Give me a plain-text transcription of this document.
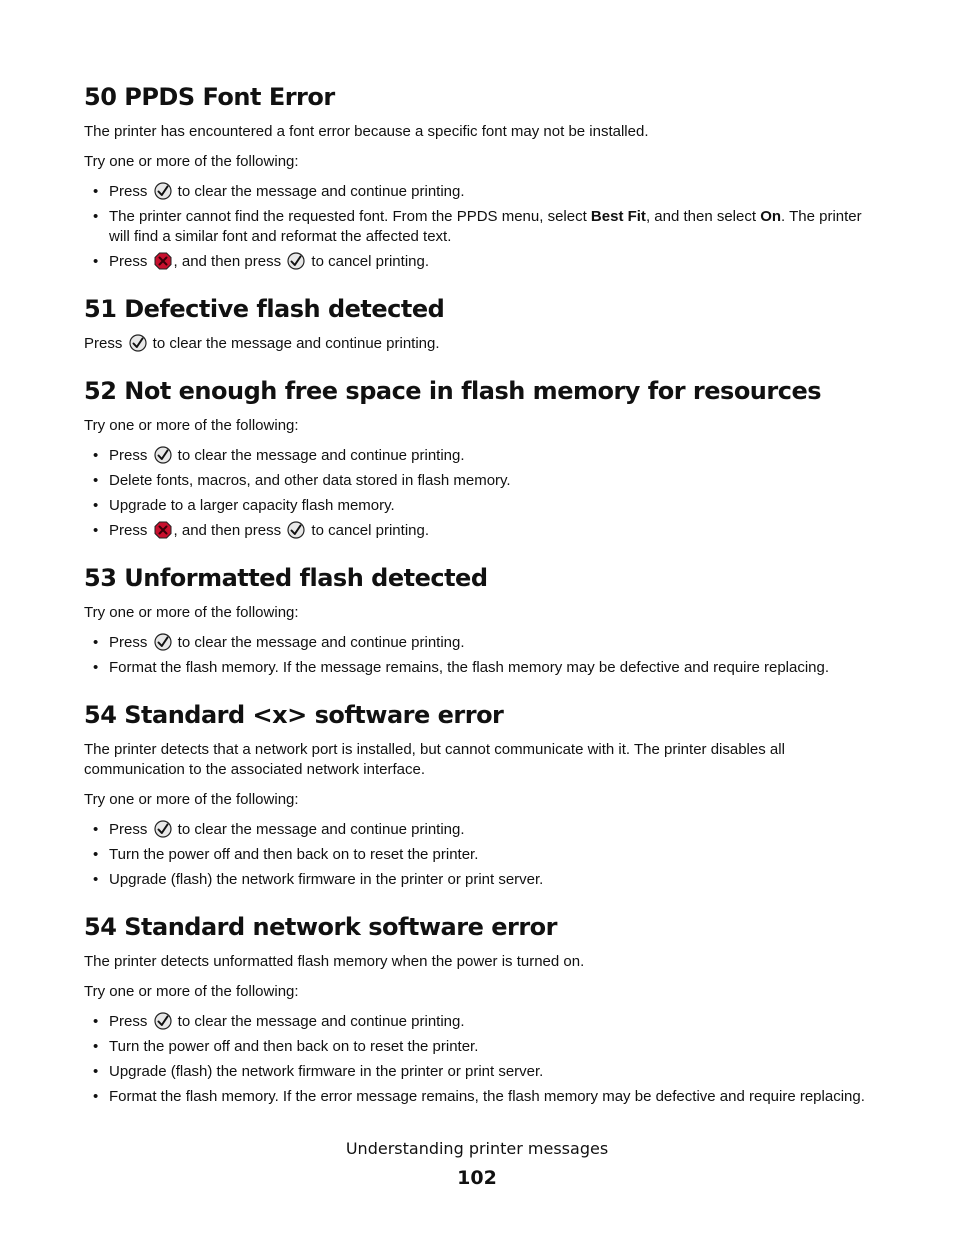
50 PPDS Font Error

The printer has encountered a font error because a specific font may not be installed.

Try one or more of the following:

• Press  to clear the message and continue printing.
• The printer cannot find the requested font. From the PPDS menu, select Best Fit, and then select On. The printer will find a similar font and reformat the affected text.
• Press , and then press  to cancel printing.
51 Defective flash detected

Press  to clear the message and continue printing.

52 Not enough free space in flash memory for resources

Try one or more of the following:

• Press  to clear the message and continue printing.
• Delete fonts, macros, and other data stored in flash memory.
• Upgrade to a larger capacity flash memory.
• Press , and then press  to cancel printing.
53 Unformatted flash detected

Try one or more of the following:

• Press  to clear the message and continue printing.
• Format the flash memory. If the message remains, the flash memory may be defective and require replacing.
54 Standard <x> software error

The printer detects that a network port is installed, but cannot communicate with it. The printer disables all communication to the associated network interface.

Try one or more of the following:

• Press  to clear the message and continue printing.
• Turn the power off and then back on to reset the printer.
• Upgrade (flash) the network firmware in the printer or print server.
54 Standard network software error

The printer detects unformatted flash memory when the power is turned on.

Try one or more of the following:

• Press  to clear the message and continue printing.
• Turn the power off and then back on to reset the printer.
• Upgrade (flash) the network firmware in the printer or print server.
• Format the flash memory. If the error message remains, the flash memory may be defective and require replacing.
Understanding printer messages
102
